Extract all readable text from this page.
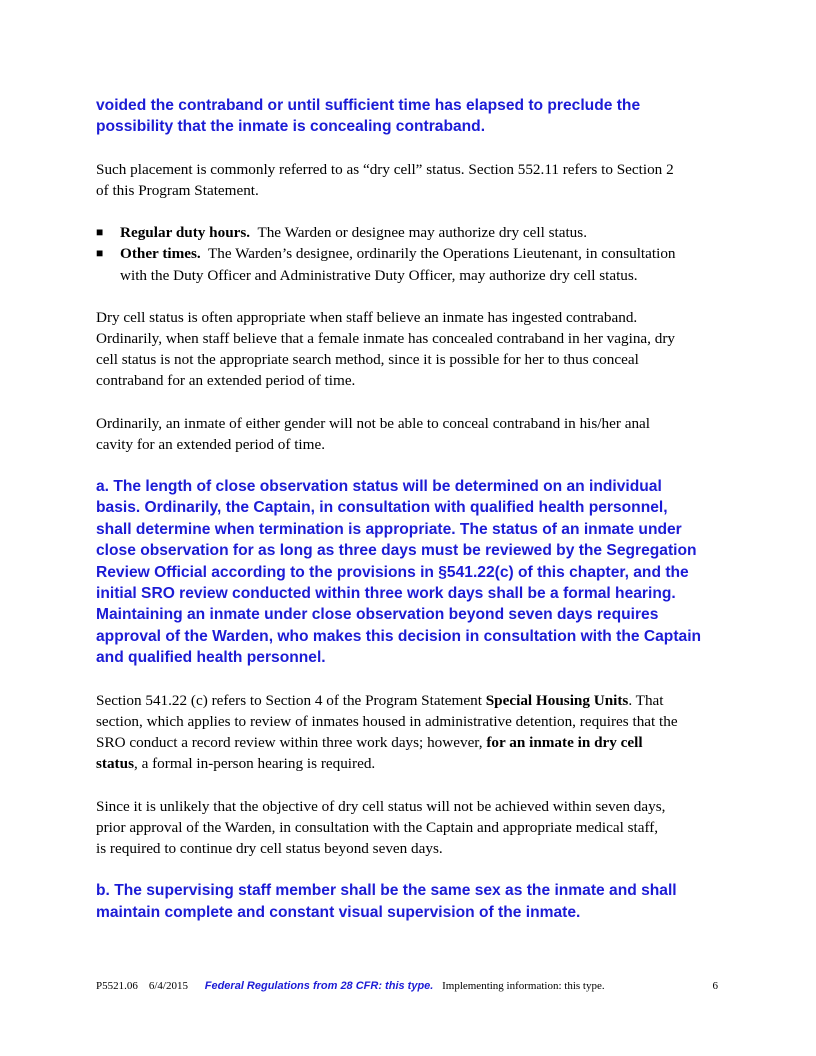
voided the contraband or until sufficient time has elapsed to preclude the
possibility that the inmate is concealing contraband.
Such placement is commonly referred to as “dry cell” status. Section 552.11 refers to Section 2
of this Program Statement.
■ Regular duty hours. The Warden or designee may authorize dry cell status.
■ Other times. The Warden’s designee, ordinarily the Operations Lieutenant, in consultation
with the Duty Officer and Administrative Duty Officer, may authorize dry cell status.
Dry cell status is often appropriate when staff believe an inmate has ingested contraband.
Ordinarily, when staff believe that a female inmate has concealed contraband in her vagina, dry
cell status is not the appropriate search method, since it is possible for her to thus conceal
contraband for an extended period of time.
Ordinarily, an inmate of either gender will not be able to conceal contraband in his/her anal
cavity for an extended period of time.
a. The length of close observation status will be determined on an individual
basis. Ordinarily, the Captain, in consultation with qualified health personnel,
shall determine when termination is appropriate. The status of an inmate under
close observation for as long as three days must be reviewed by the Segregation
Review Official according to the provisions in §541.22(c) of this chapter, and the
initial SRO review conducted within three work days shall be a formal hearing.
Maintaining an inmate under close observation beyond seven days requires
approval of the Warden, who makes this decision in consultation with the Captain
and qualified health personnel.
Section 541.22 (c) refers to Section 4 of the Program Statement Special Housing Units. That
section, which applies to review of inmates housed in administrative detention, requires that the
SRO conduct a record review within three work days; however, for an inmate in dry cell
status, a formal in-person hearing is required.
Since it is unlikely that the objective of dry cell status will not be achieved within seven days,
prior approval of the Warden, in consultation with the Captain and appropriate medical staff,
is required to continue dry cell status beyond seven days.
b. The supervising staff member shall be the same sex as the inmate and shall
maintain complete and constant visual supervision of the inmate.
P5521.06 6/4/2015 Federal Regulations from 28 CFR: this type. Implementing information: this type.	6
